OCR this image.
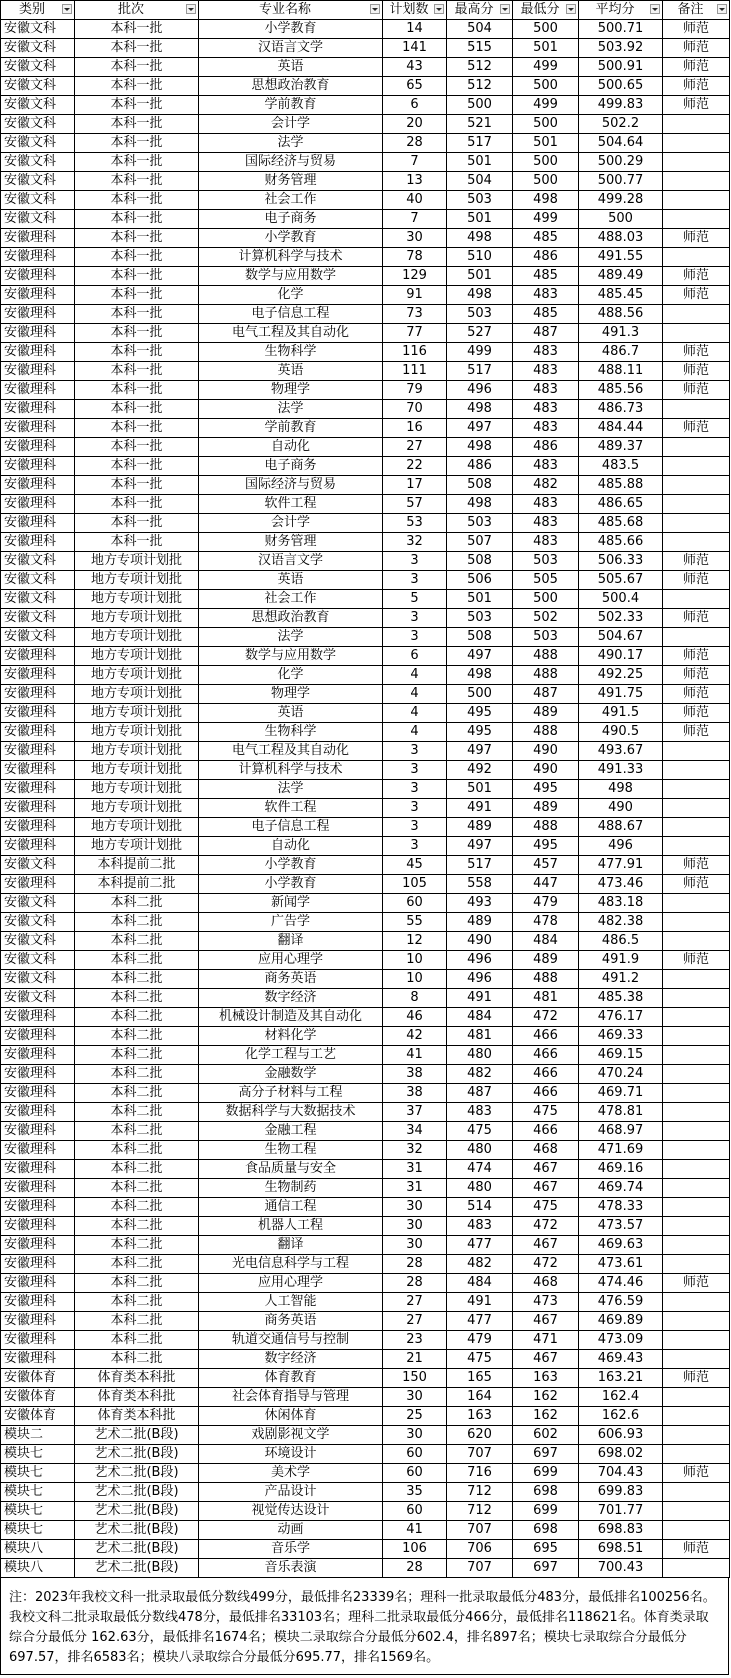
类别	批次	专业名称	计划数	最高分	最低分	平均分	备注

安徽文科	本科一批	小学教育	14	504	500	500.71	师范
安徽文科	本科一批	汉语言文学	141	515	501	503.92	师范
安徽文科	本科一批	英语	43	512	499	500.91	师范
安徽文科	本科一批	思想政治教育	65	512	500	500.65	师范
安徽文科	本科一批	学前教育	6	500	499	499.83	师范
安徽文科	本科一批	会计学	20	521	500	502.2	
安徽文科	本科一批	法学	28	517	501	504.64	
安徽文科	本科一批	国际经济与贸易	7	501	500	500.29	
安徽文科	本科一批	财务管理	13	504	500	500.77	
安徽文科	本科一批	社会工作	40	503	498	499.28	
安徽文科	本科一批	电子商务	7	501	499	500	
安徽理科	本科一批	小学教育	30	498	485	488.03	师范
安徽理科	本科一批	计算机科学与技术	78	510	486	491.55	
安徽理科	本科一批	数学与应用数学	129	501	485	489.49	师范
安徽理科	本科一批	化学	91	498	483	485.45	师范
安徽理科	本科一批	电子信息工程	73	503	485	488.56	
安徽理科	本科一批	电气工程及其自动化	77	527	487	491.3	
安徽理科	本科一批	生物科学	116	499	483	486.7	师范
安徽理科	本科一批	英语	111	517	483	488.11	师范
安徽理科	本科一批	物理学	79	496	483	485.56	师范
安徽理科	本科一批	法学	70	498	483	486.73	
安徽理科	本科一批	学前教育	16	497	483	484.44	师范
安徽理科	本科一批	自动化	27	498	486	489.37	
安徽理科	本科一批	电子商务	22	486	483	483.5	
安徽理科	本科一批	国际经济与贸易	17	508	482	485.88	
安徽理科	本科一批	软件工程	57	498	483	486.65	
安徽理科	本科一批	会计学	53	503	483	485.68	
安徽理科	本科一批	财务管理	32	507	483	485.66	
安徽文科	地方专项计划批	汉语言文学	3	508	503	506.33	师范
安徽文科	地方专项计划批	英语	3	506	505	505.67	师范
安徽文科	地方专项计划批	社会工作	5	501	500	500.4	
安徽文科	地方专项计划批	思想政治教育	3	503	502	502.33	师范
安徽文科	地方专项计划批	法学	3	508	503	504.67	
安徽理科	地方专项计划批	数学与应用数学	6	497	488	490.17	师范
安徽理科	地方专项计划批	化学	4	498	488	492.25	师范
安徽理科	地方专项计划批	物理学	4	500	487	491.75	师范
安徽理科	地方专项计划批	英语	4	495	489	491.5	师范
安徽理科	地方专项计划批	生物科学	4	495	488	490.5	师范
安徽理科	地方专项计划批	电气工程及其自动化	3	497	490	493.67	
安徽理科	地方专项计划批	计算机科学与技术	3	492	490	491.33	
安徽理科	地方专项计划批	法学	3	501	495	498	
安徽理科	地方专项计划批	软件工程	3	491	489	490	
安徽理科	地方专项计划批	电子信息工程	3	489	488	488.67	
安徽理科	地方专项计划批	自动化	3	497	495	496	
安徽文科	本科提前二批	小学教育	45	517	457	477.91	师范
安徽理科	本科提前二批	小学教育	105	558	447	473.46	师范
安徽文科	本科二批	新闻学	60	493	479	483.18	
安徽文科	本科二批	广告学	55	489	478	482.38	
安徽文科	本科二批	翻译	12	490	484	486.5	
安徽文科	本科二批	应用心理学	10	496	489	491.9	师范
安徽文科	本科二批	商务英语	10	496	488	491.2	
安徽文科	本科二批	数字经济	8	491	481	485.38	
安徽理科	本科二批	机械设计制造及其自动化	46	484	472	476.17	
安徽理科	本科二批	材料化学	42	481	466	469.33	
安徽理科	本科二批	化学工程与工艺	41	480	466	469.15	
安徽理科	本科二批	金融数学	38	482	466	470.24	
安徽理科	本科二批	高分子材料与工程	38	487	466	469.71	
安徽理科	本科二批	数据科学与大数据技术	37	483	475	478.81	
安徽理科	本科二批	金融工程	34	475	466	468.97	
安徽理科	本科二批	生物工程	32	480	468	471.69	
安徽理科	本科二批	食品质量与安全	31	474	467	469.16	
安徽理科	本科二批	生物制药	31	480	467	469.74	
安徽理科	本科二批	通信工程	30	514	475	478.33	
安徽理科	本科二批	机器人工程	30	483	472	473.57	
安徽理科	本科二批	翻译	30	477	467	469.63	
安徽理科	本科二批	光电信息科学与工程	28	482	472	473.61	
安徽理科	本科二批	应用心理学	28	484	468	474.46	师范
安徽理科	本科二批	人工智能	27	491	473	476.59	
安徽理科	本科二批	商务英语	27	477	467	469.89	
安徽理科	本科二批	轨道交通信号与控制	23	479	471	473.09	
安徽理科	本科二批	数字经济	21	475	467	469.43	
安徽体育	体育类本科批	体育教育	150	165	163	163.21	师范
安徽体育	体育类本科批	社会体育指导与管理	30	164	162	162.4	
安徽体育	体育类本科批	休闲体育	25	163	162	162.6	
模块二	艺术二批(B段)	戏剧影视文学	30	620	602	606.93	
模块七	艺术二批(B段)	环境设计	60	707	697	698.02	
模块七	艺术二批(B段)	美术学	60	716	699	704.43	师范
模块七	艺术二批(B段)	产品设计	35	712	698	699.83	
模块七	艺术二批(B段)	视觉传达设计	60	712	699	701.77	
模块七	艺术二批(B段)	动画	41	707	698	698.83	
模块八	艺术二批(B段)	音乐学	106	706	695	698.51	师范
模块八	艺术二批(B段)	音乐表演	28	707	697	700.43	
注：2023年我校文科一批录取最低分数线499分，最低排名23339名；理科一批录取最低分483分，最低排名100256名。我校文科二批录取最低分数线478分，最低排名33103名；理科二批录取最低分466分，最低排名118621名。体育类录取综合分最低分 162.63分，最低排名1674名；模块二录取综合分最低分602.4，排名897名；模块七录取综合分最低分697.57，排名6583名；模块八录取综合分最低分695.77，排名1569名。
